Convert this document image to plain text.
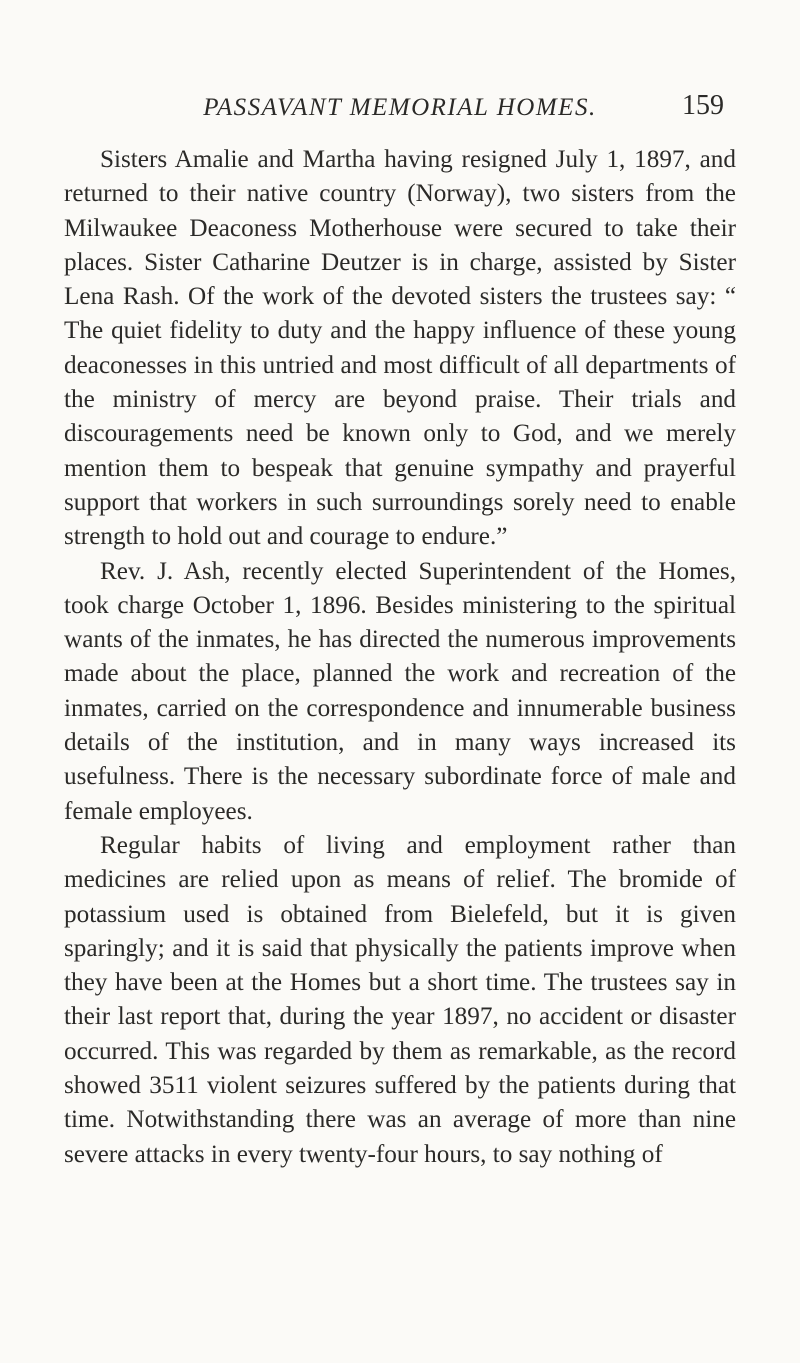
PASSAVANT MEMORIAL HOMES.	159

Sisters Amalie and Martha having resigned July 1, 1897, and returned to their native country (Norway), two sisters from the Milwaukee Deaconess Motherhouse were secured to take their places. Sister Catharine Deutzer is in charge, assisted by Sister Lena Rash. Of the work of the devoted sisters the trustees say: “ The quiet fidelity to duty and the happy influence of these young deaconesses in this untried and most difficult of all departments of the ministry of mercy are beyond praise. Their trials and discouragements need be known only to God, and we merely mention them to bespeak that genuine sympathy and prayerful support that workers in such surroundings sorely need to enable strength to hold out and courage to endure.”

Rev. J. Ash, recently elected Superintendent of the Homes, took charge October 1, 1896. Besides ministering to the spiritual wants of the inmates, he has directed the numerous improvements made about the place, planned the work and recreation of the inmates, carried on the correspondence and innumerable business details of the institution, and in many ways increased its usefulness. There is the necessary subordinate force of male and female employees.

Regular habits of living and employment rather than medicines are relied upon as means of relief. The bromide of potassium used is obtained from Bielefeld, but it is given sparingly; and it is said that physically the patients improve when they have been at the Homes but a short time. The trustees say in their last report that, during the year 1897, no accident or disaster occurred. This was regarded by them as remarkable, as the record showed 3511 violent seizures suffered by the patients during that time. Notwithstanding there was an average of more than nine severe attacks in every twenty-four hours, to say nothing of
